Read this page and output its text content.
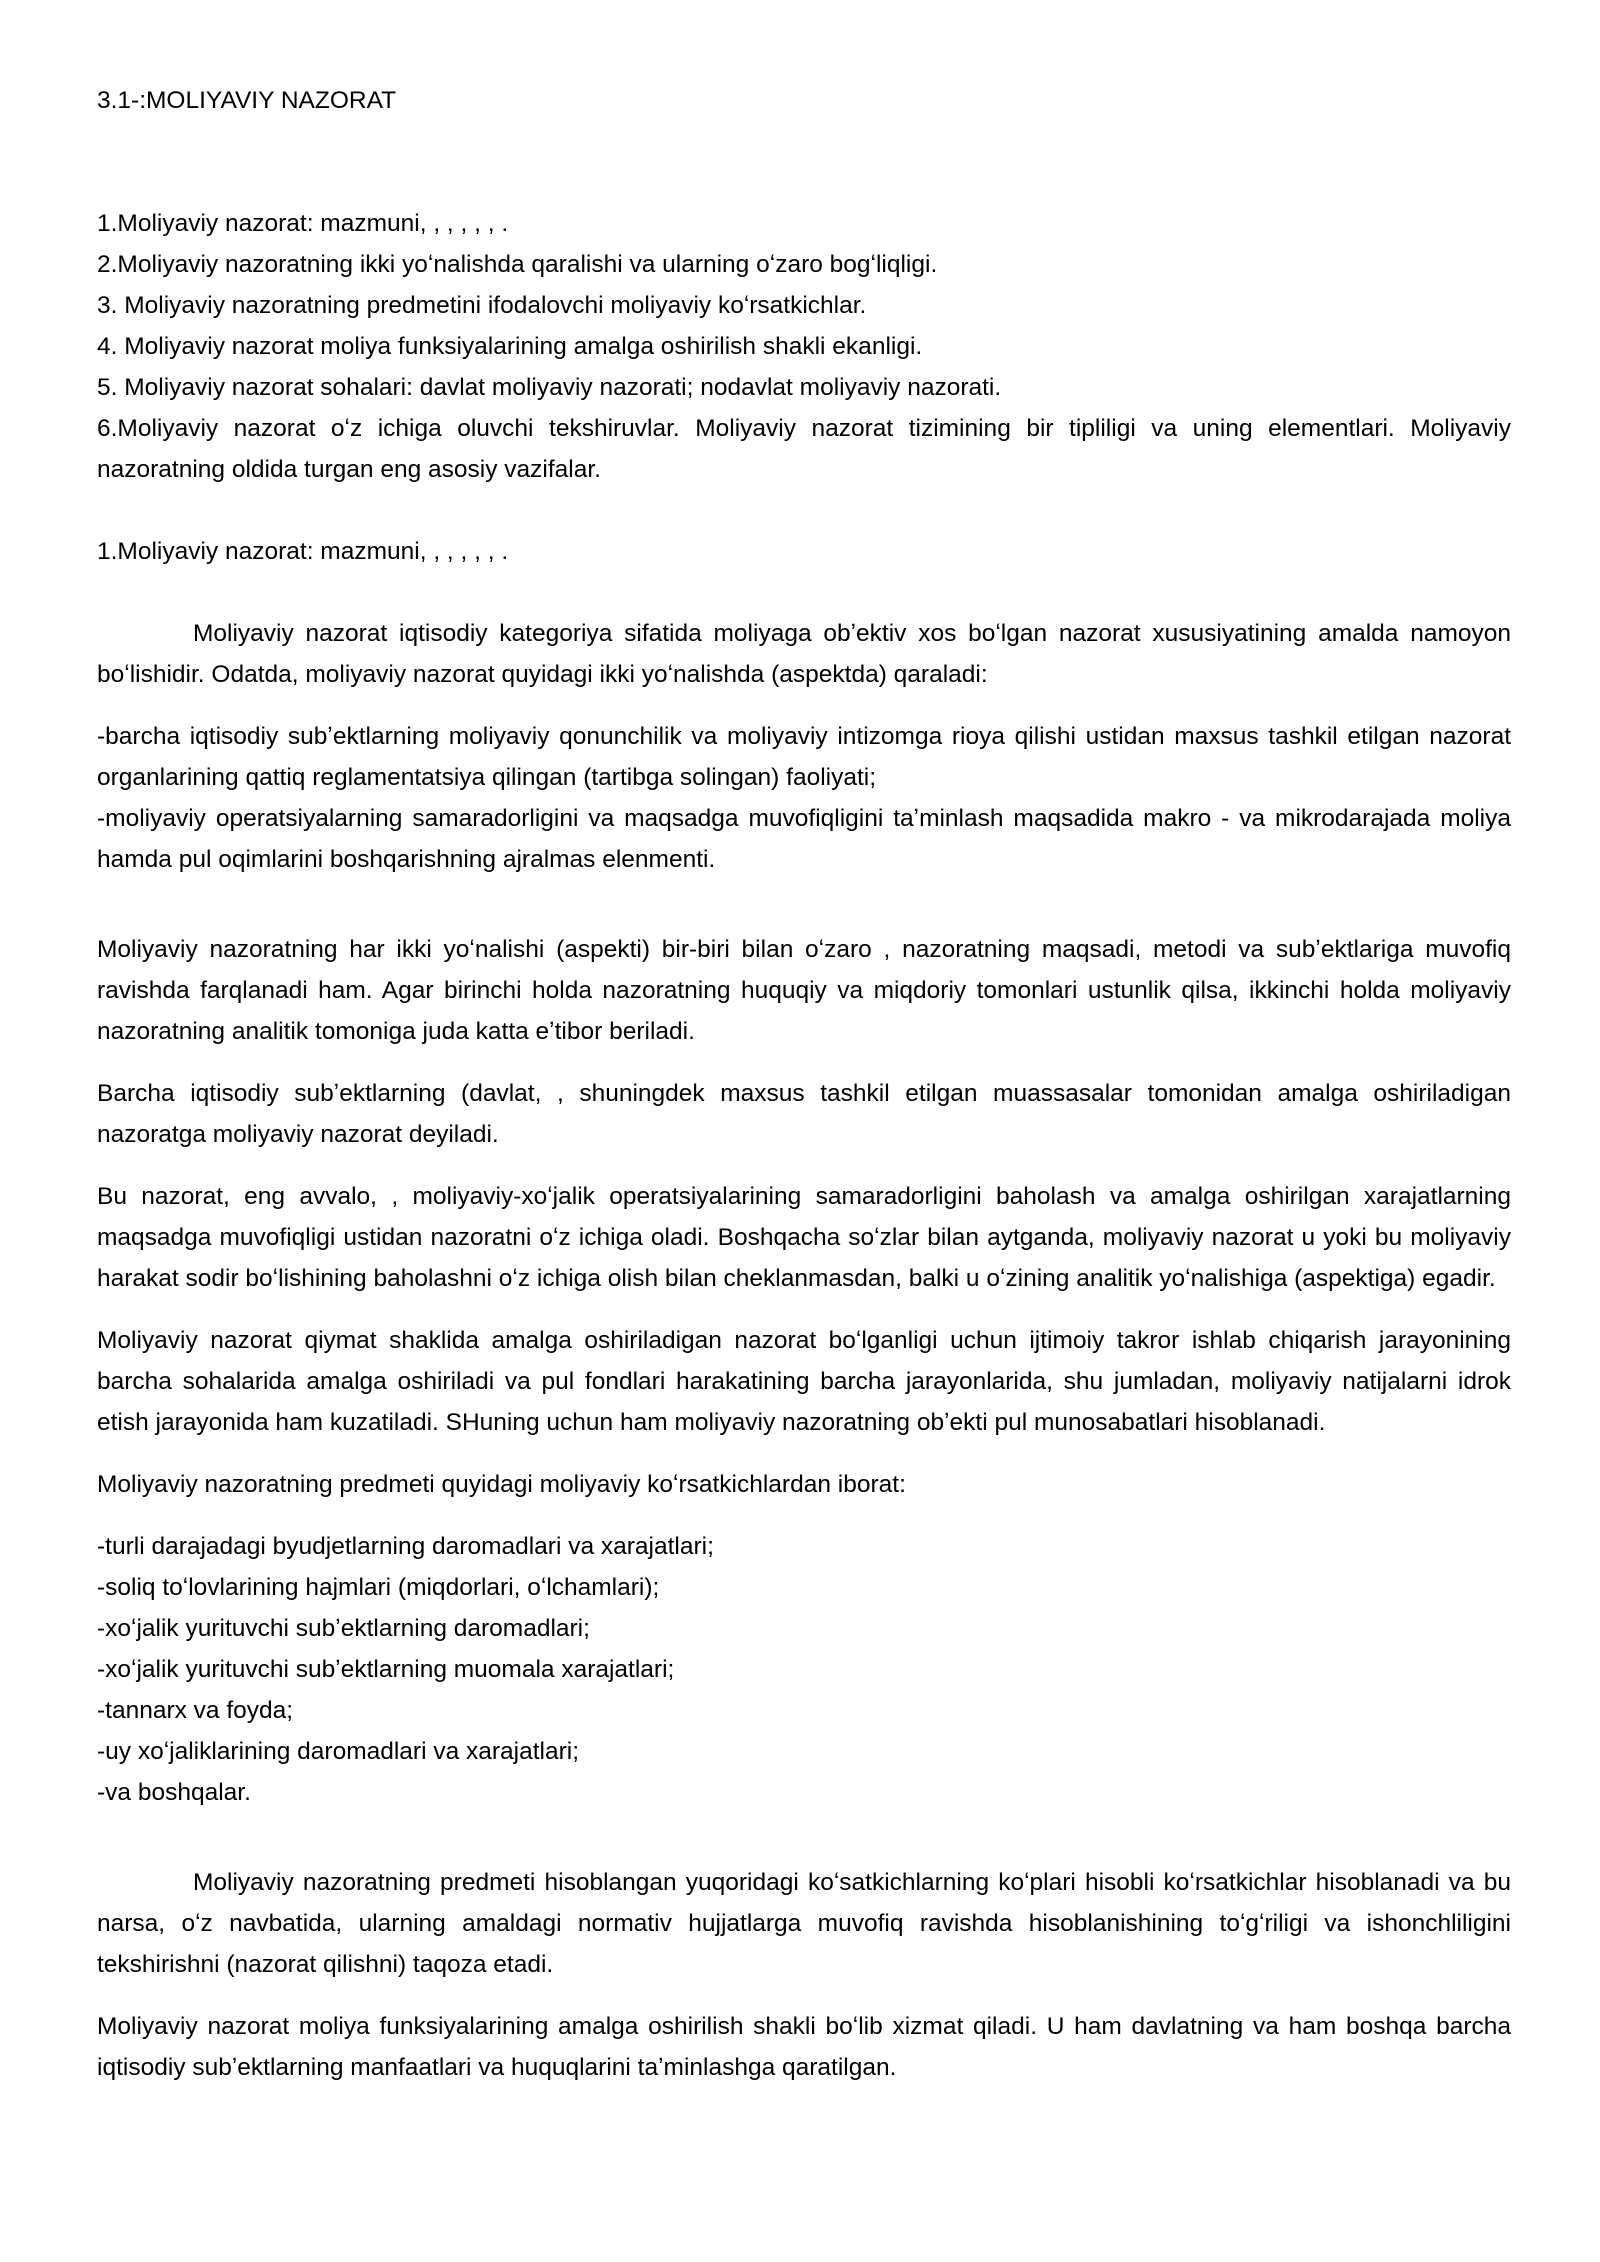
3.1-:MOLIYAVIY NAZORAT

1.Moliyaviy nazorat: mazmuni, , , , , , .

2.Moliyaviy nazoratning ikki yoʻnalishda qaralishi va ularning oʻzaro bogʻliqligi.

3. Moliyaviy nazoratning predmetini ifodalovchi moliyaviy koʻrsatkichlar.

4. Moliyaviy nazorat moliya funksiyalarining amalga oshirilish shakli ekanligi.

5. Moliyaviy nazorat sohalari: davlat moliyaviy nazorati; nodavlat moliyaviy nazorati.

6.Moliyaviy nazorat oʻz ichiga oluvchi tekshiruvlar. Moliyaviy nazorat tizimining bir tipliligi va uning elementlari. Moliyaviy nazoratning oldida turgan eng asosiy vazifalar.

1.Moliyaviy nazorat: mazmuni, , , , , , .

Moliyaviy nazorat iqtisodiy kategoriya sifatida moliyaga obʼektiv xos boʻlgan nazorat xususiyatining amalda namoyon boʻlishidir. Odatda, moliyaviy nazorat quyidagi ikki yoʻnalishda (aspektda) qaraladi:

-barcha iqtisodiy subʼektlarning moliyaviy qonunchilik va moliyaviy intizomga rioya qilishi ustidan maxsus tashkil etilgan nazorat organlarining qattiq reglamentatsiya qilingan (tartibga solingan) faoliyati;

-moliyaviy operatsiyalarning samaradorligini va maqsadga muvofiqligini taʼminlash maqsadida makro - va mikrodarajada moliya hamda pul oqimlarini boshqarishning ajralmas elenmenti.

Moliyaviy nazoratning har ikki yoʻnalishi (aspekti) bir-biri bilan oʻzaro , nazoratning maqsadi, metodi va subʼektlariga muvofiq ravishda farqlanadi ham. Agar birinchi holda nazoratning huquqiy va miqdoriy tomonlari ustunlik qilsa, ikkinchi holda moliyaviy nazoratning analitik tomoniga juda katta eʼtibor beriladi.

Barcha iqtisodiy subʼektlarning (davlat, , shuningdek maxsus tashkil etilgan muassasalar tomonidan amalga oshiriladigan nazoratga moliyaviy nazorat deyiladi.

Bu nazorat, eng avvalo, , moliyaviy-xoʻjalik operatsiyalarining samaradorligini baholash va amalga oshirilgan xarajatlarning maqsadga muvofiqligi ustidan nazoratni oʻz ichiga oladi. Boshqacha soʻzlar bilan aytganda, moliyaviy nazorat u yoki bu moliyaviy harakat sodir boʻlishining baholashni oʻz ichiga olish bilan cheklanmasdan, balki u oʻzining analitik yoʻnalishiga (aspektiga) egadir.

Moliyaviy nazorat qiymat shaklida amalga oshiriladigan nazorat boʻlganligi uchun ijtimoiy takror ishlab chiqarish jarayonining barcha sohalarida amalga oshiriladi va pul fondlari harakatining barcha jarayonlarida, shu jumladan, moliyaviy natijalarni idrok etish jarayonida ham kuzatiladi. SHuning uchun ham moliyaviy nazoratning obʼekti pul munosabatlari hisoblanadi.

Moliyaviy nazoratning predmeti quyidagi moliyaviy koʻrsatkichlardan iborat:

-turli darajadagi byudjetlarning daromadlari va xarajatlari;

-soliq toʻlovlarining hajmlari (miqdorlari, oʻlchamlari);

-xoʻjalik yurituvchi subʼektlarning daromadlari;

-xoʻjalik yurituvchi subʼektlarning muomala xarajatlari;

-tannarx va foyda;

-uy xoʻjaliklarining daromadlari va xarajatlari;

-va boshqalar.

Moliyaviy nazoratning predmeti hisoblangan yuqoridagi koʻsatkichlarning koʻplari hisobli koʻrsatkichlar hisoblanadi va bu narsa, oʻz navbatida, ularning amaldagi normativ hujjatlarga muvofiq ravishda hisoblanishining toʻgʻriligi va ishonchliligini tekshirishni (nazorat qilishni) taqoza etadi.

Moliyaviy nazorat moliya funksiyalarining amalga oshirilish shakli boʻlib xizmat qiladi. U ham davlatning va ham boshqa barcha iqtisodiy subʼektlarning manfaatlari va huquqlarini taʼminlashga qaratilgan.
